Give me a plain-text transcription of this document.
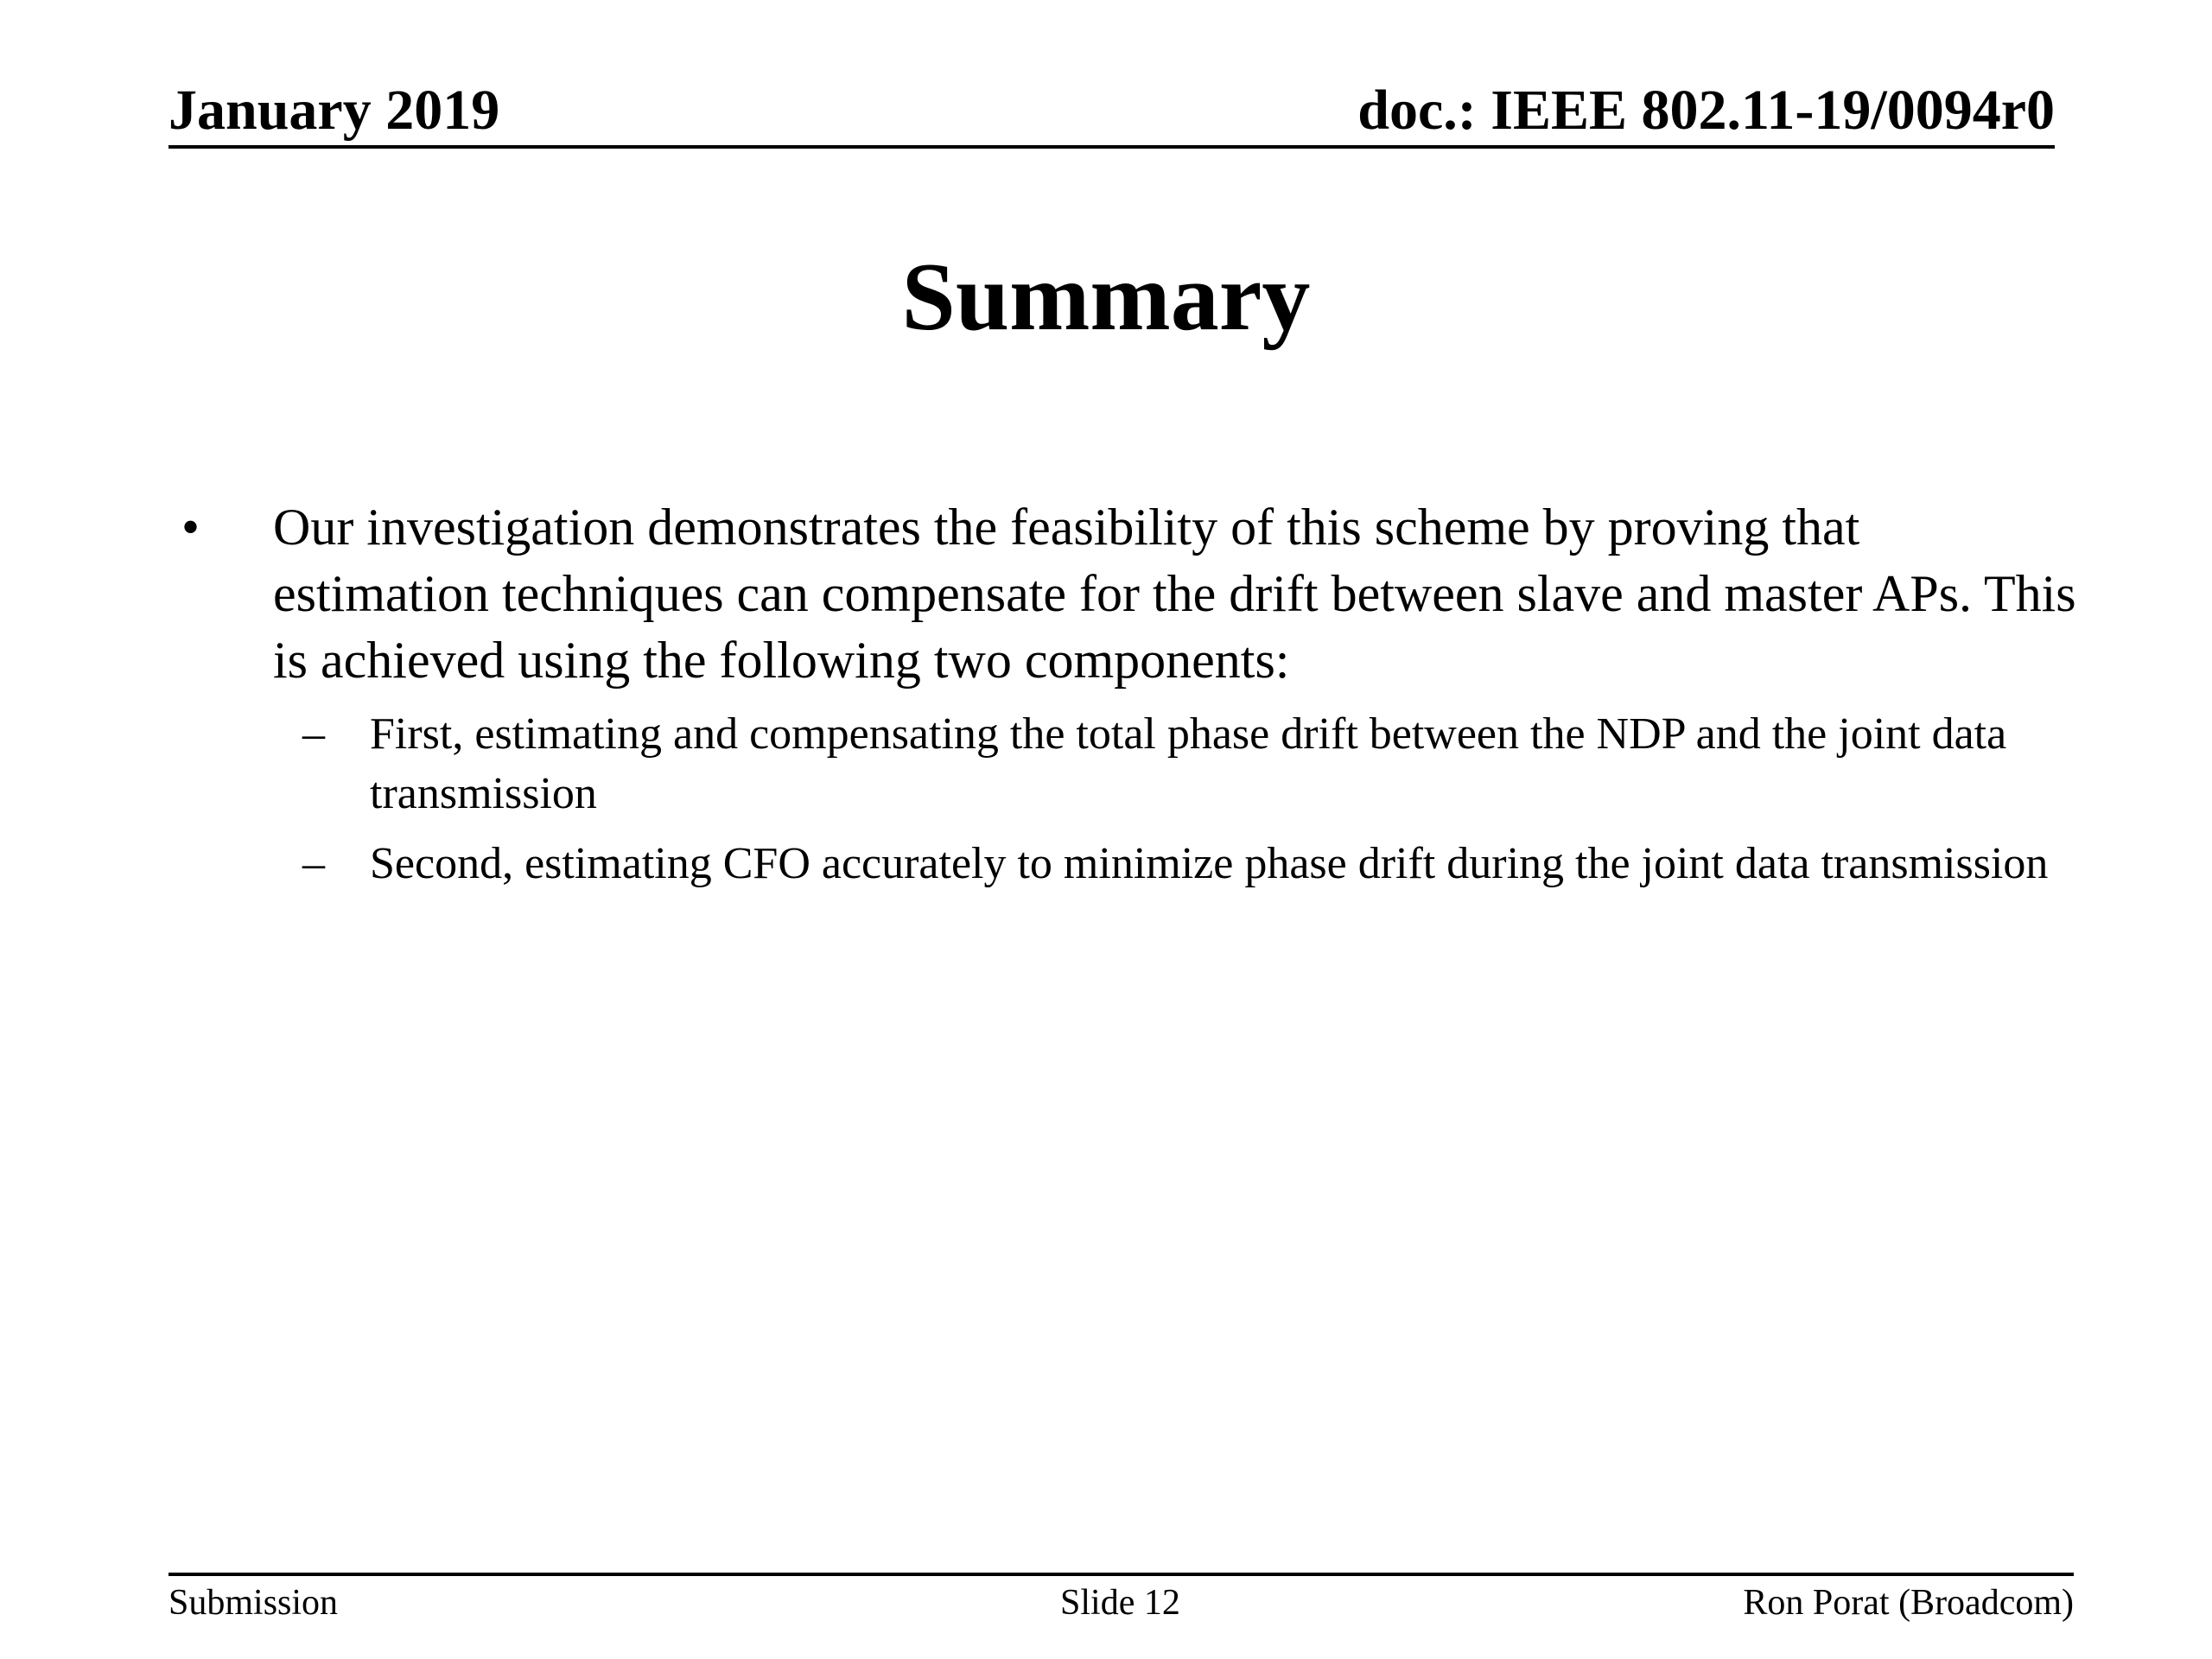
January 2019	doc.: IEEE 802.11-19/0094r0
Summary
•	Our investigation demonstrates the feasibility of this scheme by proving that estimation techniques can compensate for the drift between slave and master APs. This is achieved using the following two components:
– First, estimating and compensating the total phase drift between the NDP and the joint data transmission
– Second, estimating CFO accurately to minimize phase drift during the joint data transmission
Submission	Slide 12	Ron Porat (Broadcom)
